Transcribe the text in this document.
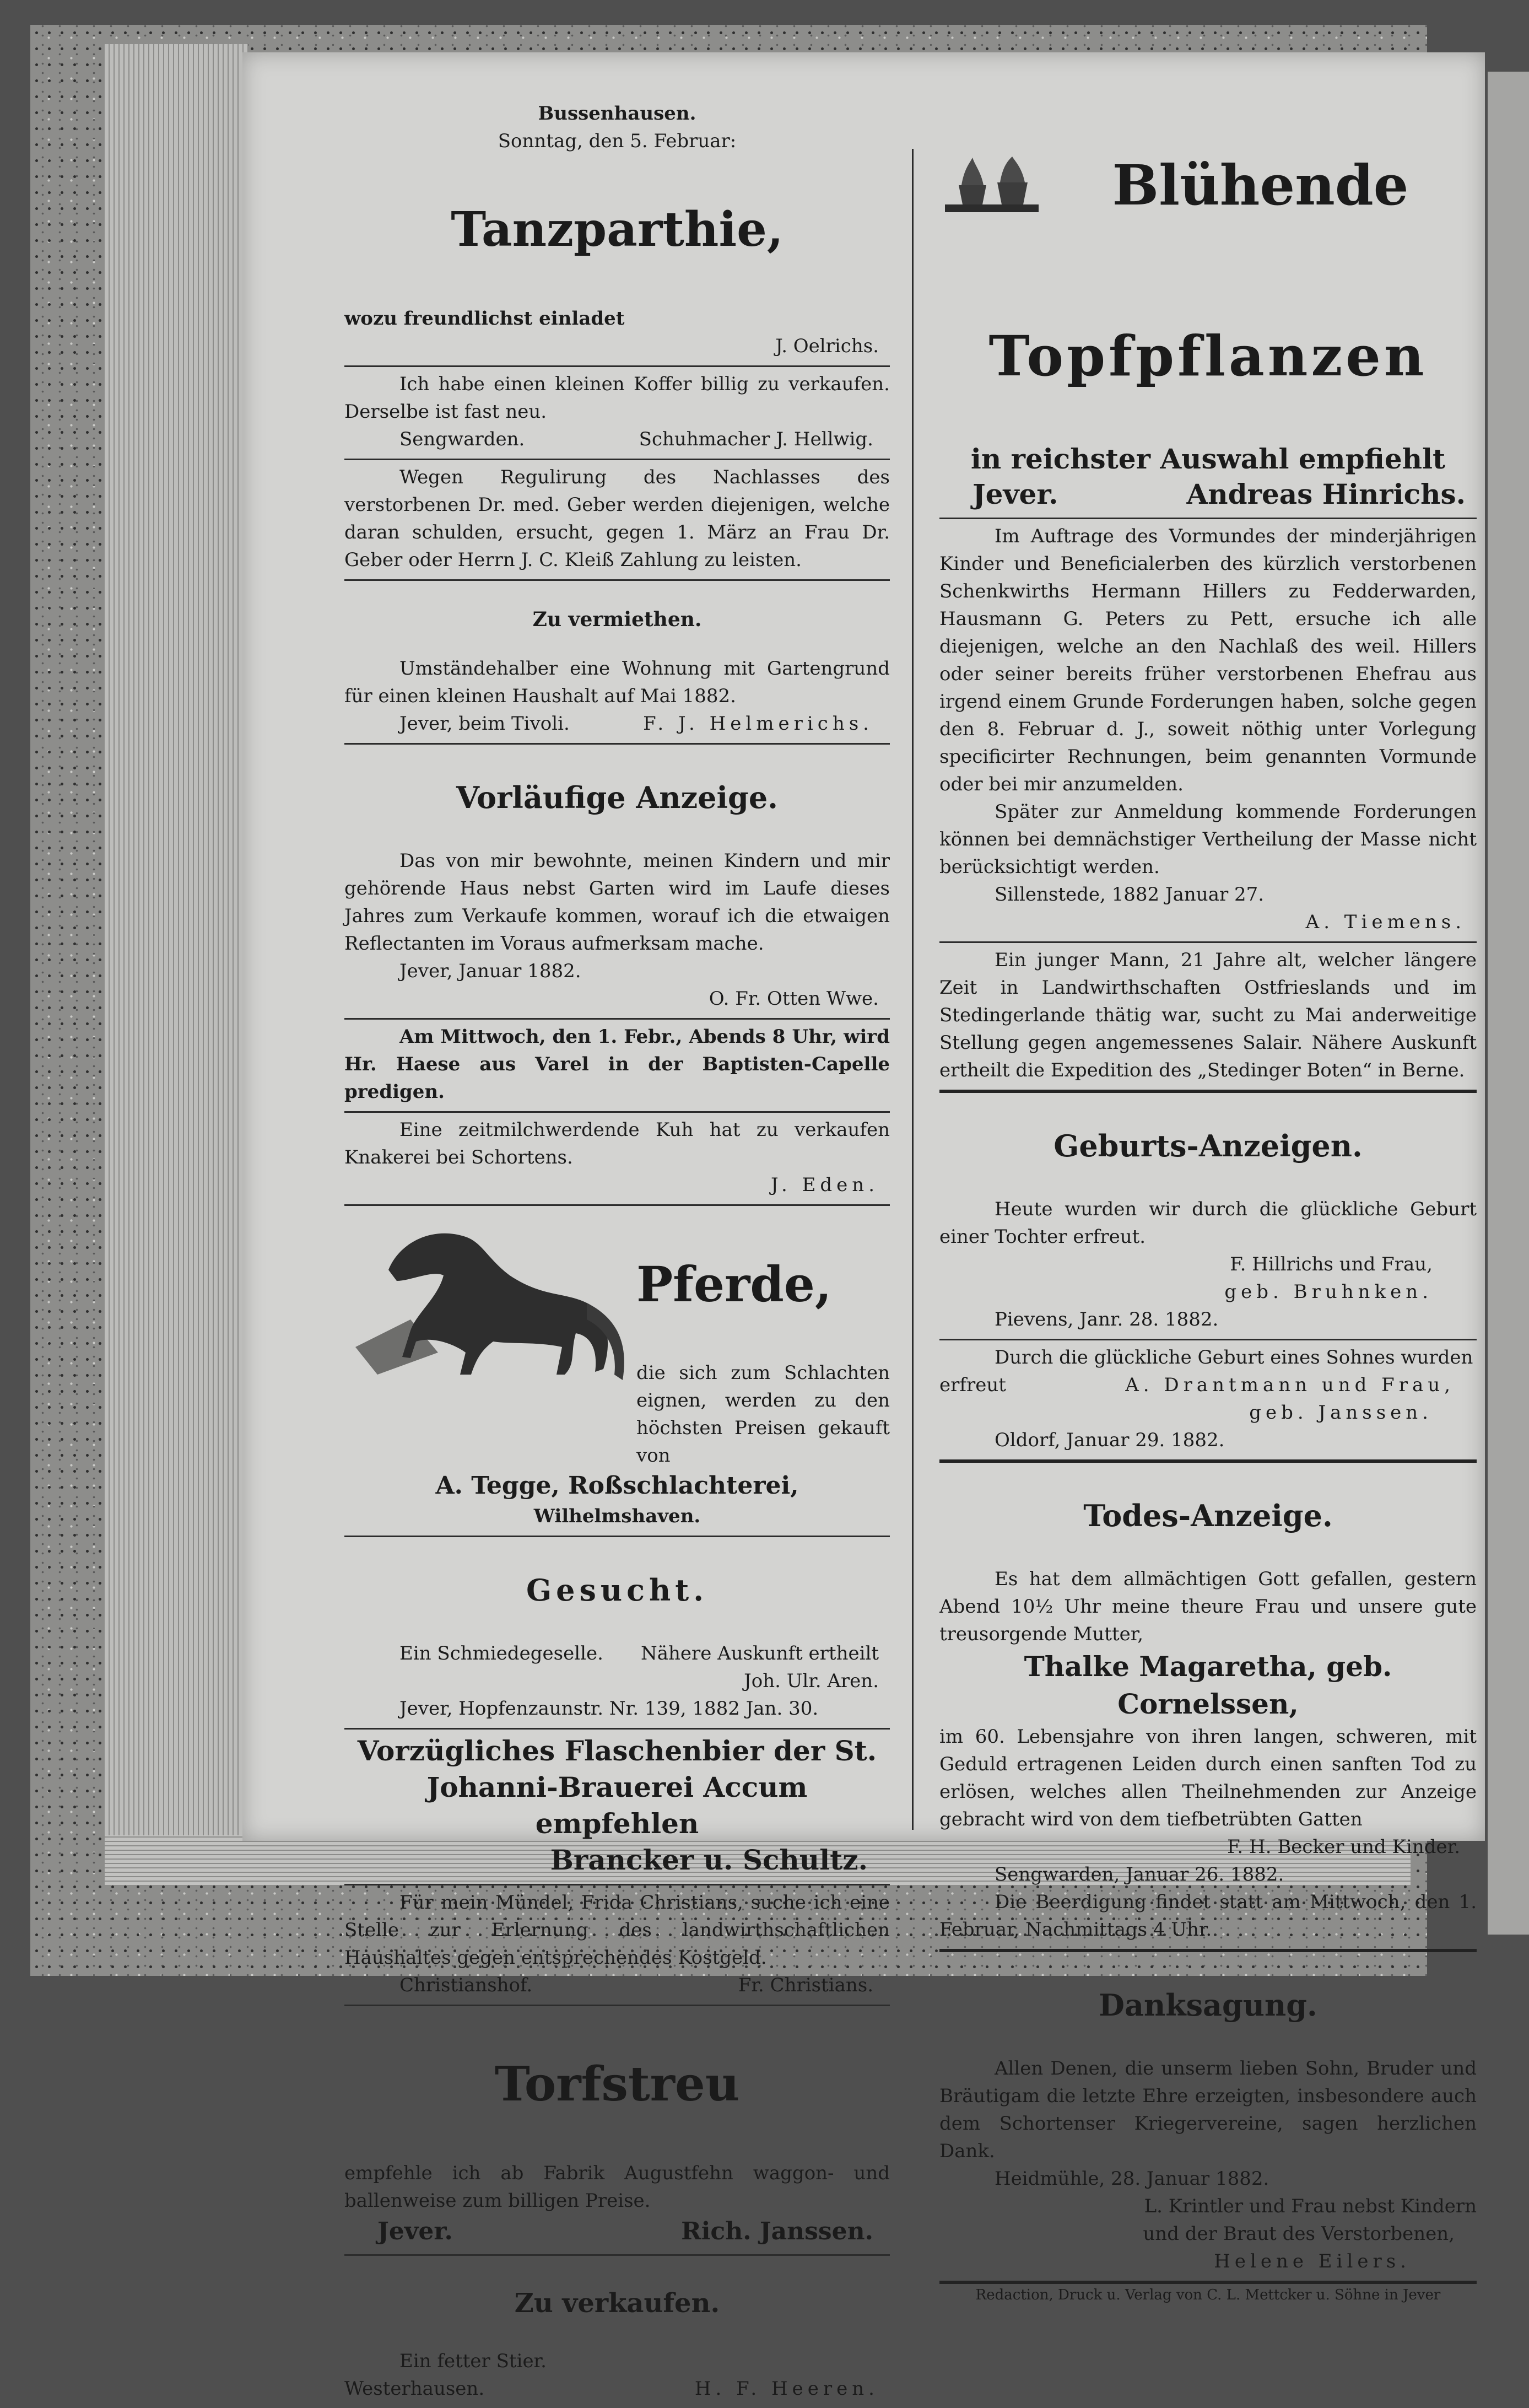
Bussenhausen.

Sonntag, den 5. Februar:

Tanzparthie,

wozu freundlichst einladet

J. Oelrichs.

Ich habe einen kleinen Koffer billig zu verkaufen. Derselbe ist fast neu.

Sengwarden.	Schuhmacher J. Hellwig.

Wegen Regulirung des Nachlasses des verstorbenen Dr. med. Geber werden diejenigen, welche daran schulden, ersucht, gegen 1. März an Frau Dr. Geber oder Herrn J. C. Kleiß Zahlung zu leisten.

Zu vermiethen.

Umständehalber eine Wohnung mit Gartengrund für einen kleinen Haushalt auf Mai 1882.

Jever, beim Tivoli.	F. J. Helmerichs.

Vorläufige Anzeige.

Das von mir bewohnte, meinen Kindern und mir gehörende Haus nebst Garten wird im Laufe dieses Jahres zum Verkaufe kommen, worauf ich die etwaigen Reflectanten im Voraus aufmerksam mache.

Jever, Januar 1882.

O. Fr. Otten Wwe.

Am Mittwoch, den 1. Febr., Abends 8 Uhr, wird Hr. Haese aus Varel in der Baptisten-Capelle predigen.

Eine zeitmilchwerdende Kuh hat zu verkaufen Knakerei bei Schortens.

J. Eden.

Pferde,

die sich zum Schlachten eignen, werden zu den höchsten Preisen gekauft von

A. Tegge, Roßschlachterei,

Wilhelmshaven.

Gesucht.

Ein Schmiedegeselle. Nähere Auskunft ertheilt

Joh. Ulr. Aren.

Jever, Hopfenzaunstr. Nr. 139, 1882 Jan. 30.

Vorzügliches Flaschenbier der St.

Johanni-Brauerei Accum empfehlen

Brancker u. Schultz.

Für mein Mündel, Frida Christians, suche ich eine Stelle zur Erlernung des landwirthschaftlichen Haushaltes gegen entsprechendes Kostgeld.

Christianshof.	Fr. Christians.

Torfstreu

empfehle ich ab Fabrik Augustfehn waggon- und ballenweise zum billigen Preise.

Jever.	Rich. Janssen.

Zu verkaufen.

Ein fetter Stier.

Westerhausen.	H. F. Heeren.

Blühende

Topfpflanzen

in reichster Auswahl empfiehlt

Jever.	Andreas Hinrichs.

Im Auftrage des Vormundes der minderjährigen Kinder und Beneficialerben des kürzlich verstorbenen Schenkwirths Hermann Hillers zu Fedderwarden, Hausmann G. Peters zu Pett, ersuche ich alle diejenigen, welche an den Nachlaß des weil. Hillers oder seiner bereits früher verstorbenen Ehefrau aus irgend einem Grunde Forderungen haben, solche gegen den 8. Februar d. J., soweit nöthig unter Vorlegung specificirter Rechnungen, beim genannten Vormunde oder bei mir anzumelden.

Später zur Anmeldung kommende Forderungen können bei demnächstiger Vertheilung der Masse nicht berücksichtigt werden.

Sillenstede, 1882 Januar 27.

A. Tiemens.

Ein junger Mann, 21 Jahre alt, welcher längere Zeit in Landwirthschaften Ostfrieslands und im Stedingerlande thätig war, sucht zu Mai anderweitige Stellung gegen angemessenes Salair. Nähere Auskunft ertheilt die Expedition des „Stedinger Boten“ in Berne.

Geburts-Anzeigen.

Heute wurden wir durch die glückliche Geburt einer Tochter erfreut.

F. Hillrichs und Frau,

geb. Bruhnken.

Pievens, Janr. 28. 1882.

Durch die glückliche Geburt eines Sohnes wurden

erfreut	A. Drantmann und Frau,

geb. Janssen.

Oldorf, Januar 29. 1882.

Todes-Anzeige.

Es hat dem allmächtigen Gott gefallen, gestern Abend 10½ Uhr meine theure Frau und unsere gute treusorgende Mutter,

Thalke Magaretha, geb. Cornelssen,

im 60. Lebensjahre von ihren langen, schweren, mit Geduld ertragenen Leiden durch einen sanften Tod zu erlösen, welches allen Theilnehmenden zur Anzeige gebracht wird von dem tiefbetrübten Gatten

F. H. Becker und Kinder.

Sengwarden, Januar 26. 1882.

Die Beerdigung findet statt am Mittwoch, den 1. Februar, Nachmittags 4 Uhr.

Danksagung.

Allen Denen, die unserm lieben Sohn, Bruder und Bräutigam die letzte Ehre erzeigten, insbesondere auch dem Schortenser Kriegervereine, sagen herzlichen Dank.

Heidmühle, 28. Januar 1882.

L. Krintler und Frau nebst Kindern

und der Braut des Verstorbenen,

Helene Eilers.

Redaction, Druck u. Verlag von C. L. Mettcker u. Söhne in Jever
